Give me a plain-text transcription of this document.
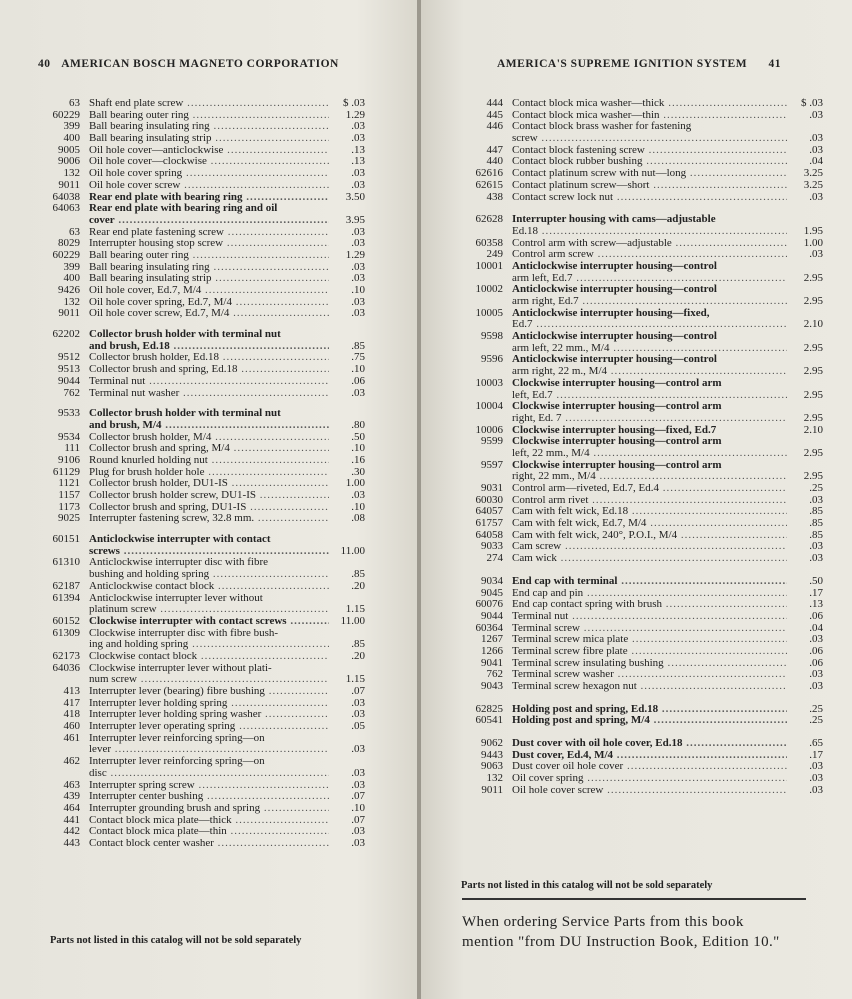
40 AMERICAN BOSCH MAGNETO CORPORATION
63 Shaft end plate screw .....	$ .03
60229 Ball bearing outer ring .....	1.29
399 Ball bearing insulating ring .....	.03
400 Ball bearing insulating strip .....	.03
9005 Oil hole cover—anticlockwise .....	.13
9006 Oil hole cover—clockwise .....	.13
132 Oil hole cover spring .....	.03
9011 Oil hole cover screw .....	.03
64038 Rear end plate with bearing ring .....	3.50
64063 Rear end plate with bearing ring and oil
cover .....	3.95
63 Rear end plate fastening screw .....	.03
8029 Interrupter housing stop screw .....	.03
60229 Ball bearing outer ring .....	1.29
399 Ball bearing insulating ring .....	.03
400 Ball bearing insulating strip .....	.03
9426 Oil hole cover, Ed.7, M/4 .....	.10
132 Oil hole cover spring, Ed.7, M/4 .....	.03
9011 Oil hole cover screw, Ed.7, M/4 .....	.03
62202 Collector brush holder with terminal nut
and brush, Ed.18 .....	.85
9512 Collector brush holder, Ed.18 .....	.75
9513 Collector brush and spring, Ed.18 .....	.10
9044 Terminal nut .....	.06
762 Terminal nut washer .....	.03
9533 Collector brush holder with terminal nut
and brush, M/4 .....	.80
9534 Collector brush holder, M/4 .....	.50
111 Collector brush and spring, M/4 .....	.10
9106 Round knurled holding nut .....	.16
61129 Plug for brush holder hole .....	.30
1121 Collector brush holder, DU1-IS .....	1.00
1157 Collector brush holder screw, DU1-IS .....	.03
1173 Collector brush and spring, DU1-IS .....	.10
9025 Interrupter fastening screw, 32.8 mm. .....	.08
60151 Anticlockwise interrupter with contact
screws .....	11.00
61310 Anticlockwise interrupter disc with fibre
bushing and holding spring .....	.85
62187 Anticlockwise contact block .....	.20
61394 Anticlockwise interrupter lever without
platinum screw .....	1.15
60152 Clockwise interrupter with contact screws .....	11.00
61309 Clockwise interrupter disc with fibre bush-
ing and holding spring .....	.85
62173 Clockwise contact block .....	.20
64036 Clockwise interrupter lever without plati-
num screw .....	1.15
413 Interrupter lever (bearing) fibre bushing .....	.07
417 Interrupter lever holding spring .....	.03
418 Interrupter lever holding spring washer .....	.03
460 Interrupter lever operating spring .....	.05
461 Interrupter lever reinforcing spring—on
lever .....	.03
462 Interrupter lever reinforcing spring—on
disc .....	.03
463 Interrupter spring screw .....	.03
439 Interrupter center bushing .....	.07
464 Interrupter grounding brush and spring .....	.10
441 Contact block mica plate—thick .....	.07
442 Contact block mica plate—thin .....	.03
443 Contact block center washer .....	.03
Parts not listed in this catalog will not be sold separately
AMERICA'S SUPREME IGNITION SYSTEM 41
444 Contact block mica washer—thick .....	$ .03
445 Contact block mica washer—thin .....	.03
446 Contact block brass washer for fastening
screw .....	.03
447 Contact block fastening screw .....	.03
440 Contact block rubber bushing .....	.04
62616 Contact platinum screw with nut—long .....	3.25
62615 Contact platinum screw—short .....	3.25
438 Contact screw lock nut .....	.03
62628 Interrupter housing with cams—adjustable
Ed.18 .....	1.95
60358 Control arm with screw—adjustable .....	1.00
249 Control arm screw .....	.03
10001 Anticlockwise interrupter housing—control
arm left, Ed.7 .....	2.95
10002 Anticlockwise interrupter housing—control
arm right, Ed.7 .....	2.95
10005 Anticlockwise interrupter housing—fixed,
Ed.7 .....	2.10
9598 Anticlockwise interrupter housing—control
arm left, 22 mm., M/4 .....	2.95
9596 Anticlockwise interrupter housing—control
arm right, 22 m., M/4 .....	2.95
10003 Clockwise interrupter housing—control arm
left, Ed.7 .....	2.95
10004 Clockwise interrupter housing—control arm
right, Ed. 7 .....	2.95
10006 Clockwise interrupter housing—fixed, Ed.7	2.10
9599 Clockwise interrupter housing—control arm
left, 22 mm., M/4 .....	2.95
9597 Clockwise interrupter housing—control arm
right, 22 mm., M/4 .....	2.95
9031 Control arm—riveted, Ed.7, Ed.4 .....	.25
60030 Control arm rivet .....	.03
64057 Cam with felt wick, Ed.18 .....	.85
61757 Cam with felt wick, Ed.7, M/4 .....	.85
64058 Cam with felt wick, 240°, P.O.I., M/4 .....	.85
9033 Cam screw .....	.03
274 Cam wick .....	.03
9034 End cap with terminal .....	.50
9045 End cap and pin .....	.17
60076 End cap contact spring with brush .....	.13
9044 Terminal nut .....	.06
60364 Terminal screw .....	.04
1267 Terminal screw mica plate .....	.03
1266 Terminal screw fibre plate .....	.06
9041 Terminal screw insulating bushing .....	.06
762 Terminal screw washer .....	.03
9043 Terminal screw hexagon nut .....	.03
62825 Holding post and spring, Ed.18 .....	.25
60541 Holding post and spring, M/4 .....	.25
9062 Dust cover with oil hole cover, Ed.18 .....	.65
9443 Dust cover, Ed.4, M/4 .....	.17
9063 Dust cover oil hole cover .....	.03
132 Oil cover spring .....	.03
9011 Oil hole cover screw .....	.03
Parts not listed in this catalog will not be sold separately
When ordering Service Parts from this book
mention "from DU Instruction Book, Edition 10."
